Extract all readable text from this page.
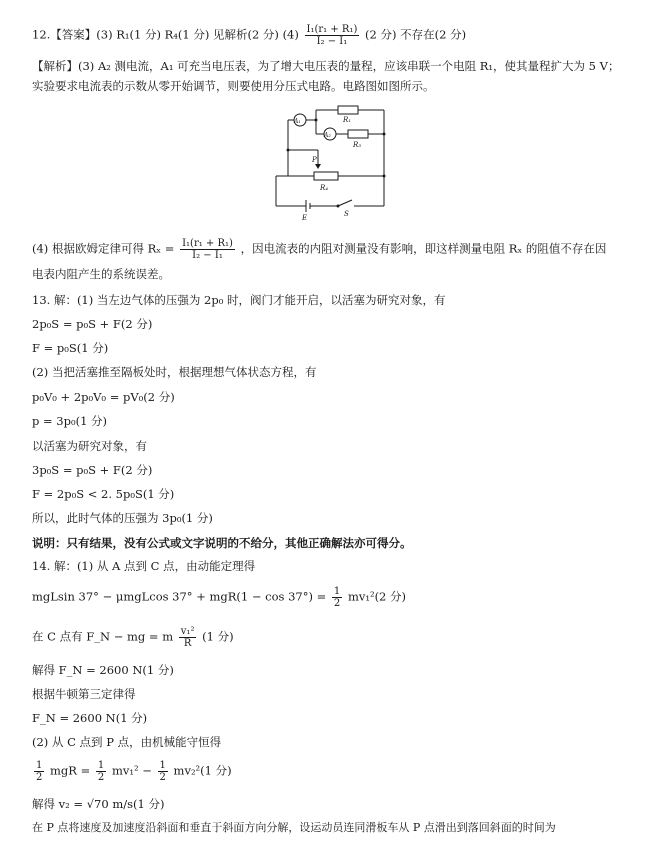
12.【答案】(3) R₁(1 分) R₄(1 分) 见解析(2 分) $(4) \frac{\text{I₁(r₁ + R₁)}}{\text{I₂ − I₁}} (2$ 分) 不存在(2 分)
【解析】(3) A₂ 测电流，A₁ 可充当电压表，为了增大电压表的量程，应该串联一个电阻 R₁，使其量程扩大为 5 V；
实验要求电流表的示数从零开始调节，则要使用分压式电路。电路图如图所示。
A₁
A₂
R₁
R₃
P
R₄
E	S
(4) 根据欧姆定律可得 $R_x = \frac{\text{I₁(r₁ + R₁)}}{\text{I₂ − I₁}}$ ，因电流表的内阻对测量没有影响，即这样测量电阻 Rₓ 的阻值不存在因
电表内阻产生的系统误差。
13. 解：(1) 当左边气体的压强为 2p₀ 时，阀门才能开启，以活塞为研究对象，有
2p₀S = p₀S + F(2 分)
F = p₀S(1 分)
(2) 当把活塞推至隔板处时，根据理想气体状态方程，有
p₀V₀ + 2p₀V₀ = pV₀(2 分)
p = 3p₀(1 分)
以活塞为研究对象，有
3p₀S = p₀S + F(2 分)
F = 2p₀S < 2. 5p₀S(1 分)
所以，此时气体的压强为 3p₀(1 分)
说明：只有结果，没有公式或文字说明的不给分，其他正确解法亦可得分。
14. 解：(1) 从 A 点到 C 点，由动能定理得
mgLsin 37° − μmgLcos $37^\circ + mgR(1 - \cos 37^\circ) = \frac{1}{2} mv_1^2(2$ 分)
在 C 点有 F_N − mg = m $\frac{\text{v₁²}}{R} (1$ 分)
解得 F_N = 2600 N(1 分)
根据牛顿第三定律得
F_N = 2600 N(1 分)
(2) 从 C 点到 P 点，由机械能守恒得
$\frac{1}{2}$ mgR = $\frac{1}{2} mv_1^2 - \frac{1}{2} mv_2^2(1$ 分)
解得 v₂ = √70 m/s(1 分)
在 P 点将速度及加速度沿斜面和垂直于斜面方向分解，设运动员连同滑板车从 P 点滑出到落回斜面的时间为
